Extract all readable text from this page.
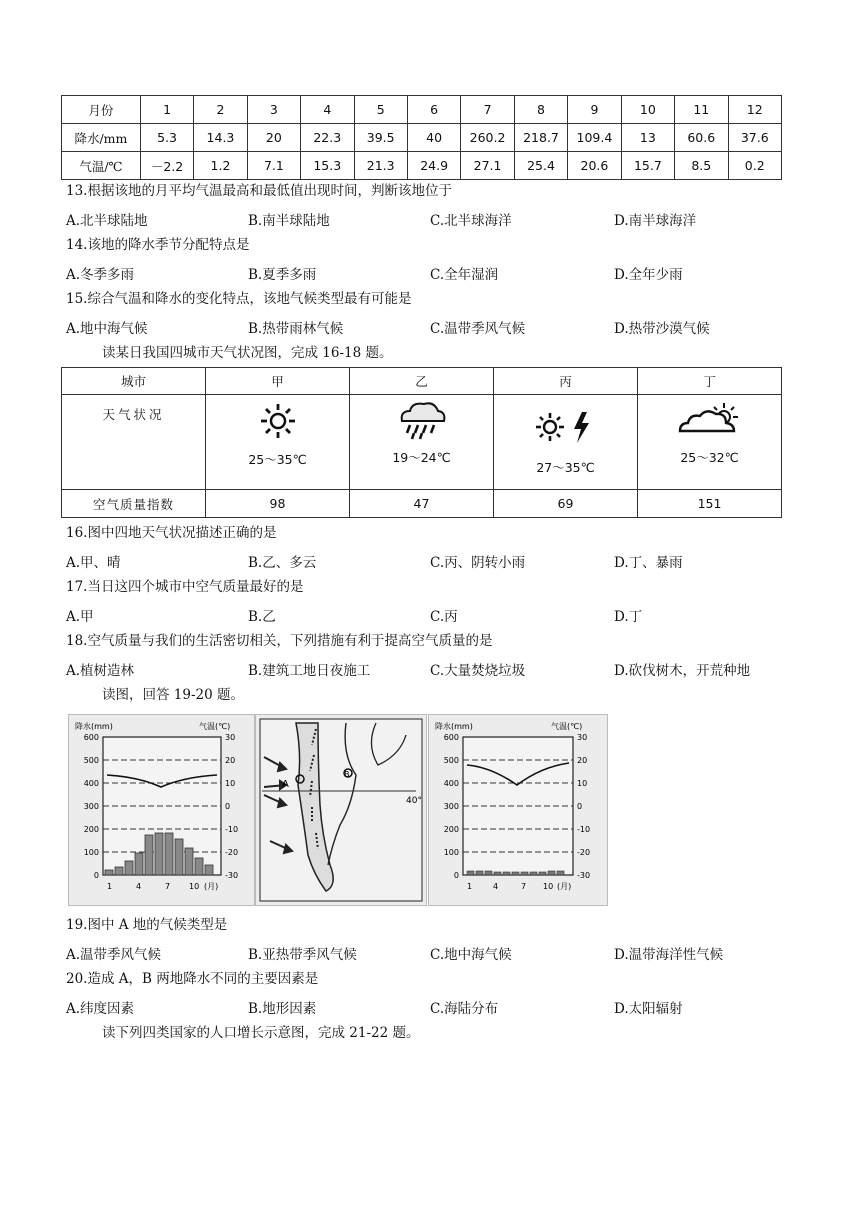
月份	1	2	3	4	5	6	7	8	9	10	11	12
降水/mm	5.3	14.3	20	22.3	39.5	40	260.2	218.7	109.4	13	60.6	37.6
气温/℃	－2.2	1.2	7.1	15.3	21.3	24.9	27.1	25.4	20.6	15.7	8.5	0.2
13.根据该地的月平均气温最高和最低值出现时间，判断该地位于
A.北半球陆地	B.南半球陆地	C.北半球海洋	D.南半球海洋
14.该地的降水季节分配特点是
A.冬季多雨	B.夏季多雨	C.全年湿润	D.全年少雨
15.综合气温和降水的变化特点，该地气候类型最有可能是
A.地中海气候	B.热带雨林气候	C.温带季风气候	D.热带沙漠气候
读某日我国四城市天气状况图，完成 16-18 题。
城市	甲	乙	丙	丁
天气状况	25～35℃	19～24℃	27～35℃	25～32℃

空气质量指数	98	47	69	151
16.图中四地天气状况描述正确的是
A.甲、晴	B.乙、多云	C.丙、阴转小雨	D.丁、暴雨
17.当日这四个城市中空气质量最好的是
A.甲	B.乙	C.丙	D.丁
18.空气质量与我们的生活密切相关，下列措施有利于提高空气质量的是
A.植树造林	B.建筑工地日夜施工	C.大量焚烧垃圾	D.砍伐树木，开荒种地
读图，回答 19-20 题。
降水(mm)	气温(℃)
600
500
400
300
200
100
0
30
20
10
0
-10
-20
-30
1	4	7 10 (月)
A
B
40°
降水(mm)	气温(℃)
600
500
400
300
200
100
0
30
20
10
0
-10
-20
-30
1	4	7 10 (月)
19.图中 A 地的气候类型是
A.温带季风气候	B.亚热带季风气候	C.地中海气候	D.温带海洋性气候
20.造成 A，B 两地降水不同的主要因素是
A.纬度因素	B.地形因素	C.海陆分布	D.太阳辐射
读下列四类国家的人口增长示意图，完成 21-22 题。
